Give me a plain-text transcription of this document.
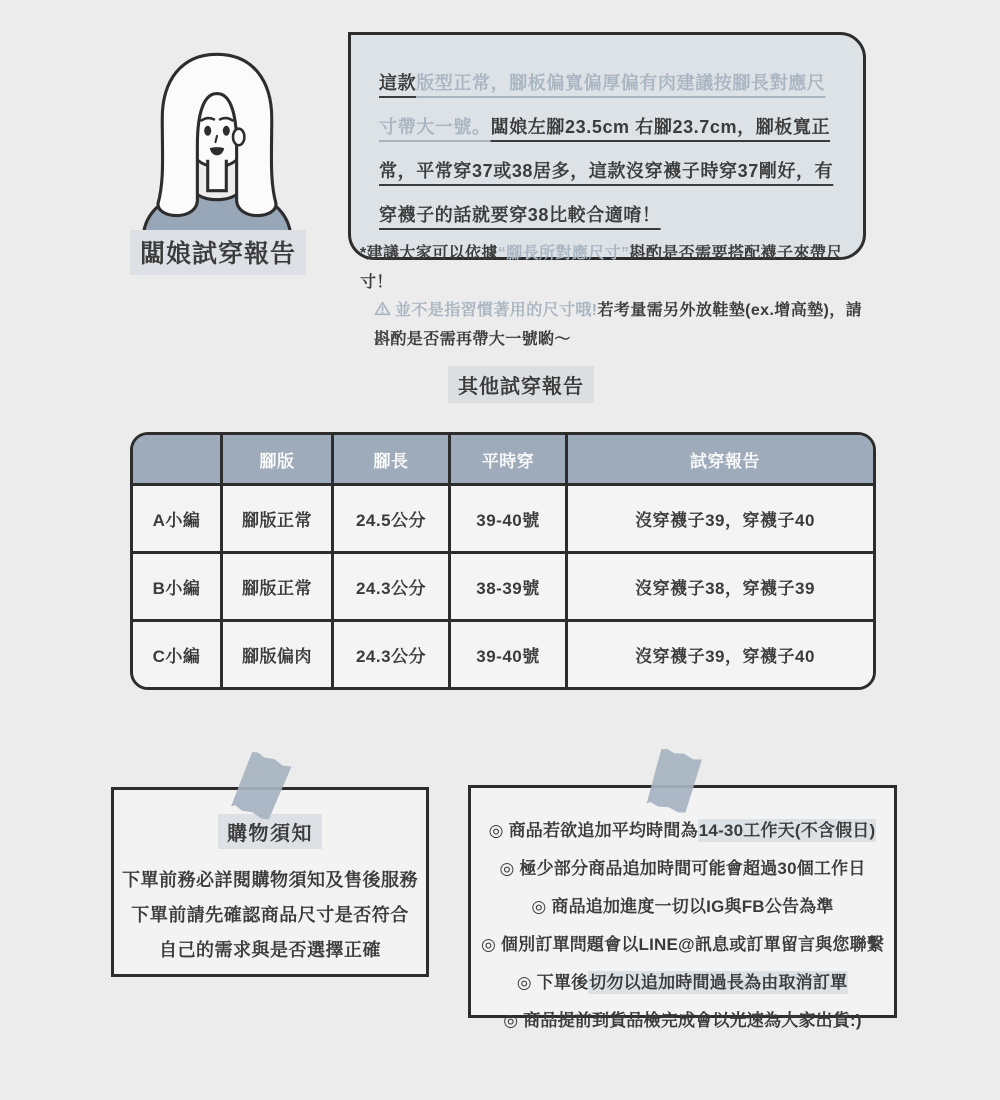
闆娘試穿報告
這款版型正常，腳板偏寬偏厚偏有肉建議按腳長對應尺寸帶大一號。闆娘左腳23.5cm 右腳23.7cm，腳板寬正常，平常穿37或38居多，這款沒穿襪子時穿37剛好，有穿襪子的話就要穿38比較合適唷！

*建議大家可以依據“腳長所對應尺寸”斟酌是否需要搭配襪子來帶尺寸！

並不是指習慣著用的尺寸哦!若考量需另外放鞋墊(ex.增高墊)，請斟酌是否需再帶大一號喲～

其他試穿報告
	腳版	腳長	平時穿	試穿報告
A小編	腳版正常	24.5公分	39-40號	沒穿襪子39，穿襪子40
B小編	腳版正常	24.3公分	38-39號	沒穿襪子38，穿襪子39
C小編	腳版偏肉	24.3公分	39-40號	沒穿襪子39，穿襪子40
購物須知
下單前務必詳閱購物須知及售後服務
下單前請先確認商品尺寸是否符合
自己的需求與是否選擇正確
◎ 商品若欲追加平均時間為14-30工作天(不含假日)
◎ 極少部分商品追加時間可能會超過30個工作日
◎ 商品追加進度一切以IG與FB公告為準
◎ 個別訂單問題會以LINE@訊息或訂單留言與您聯繫
◎ 下單後切勿以追加時間過長為由取消訂單
◎ 商品提前到貨品檢完成會以光速為大家出貨:)
